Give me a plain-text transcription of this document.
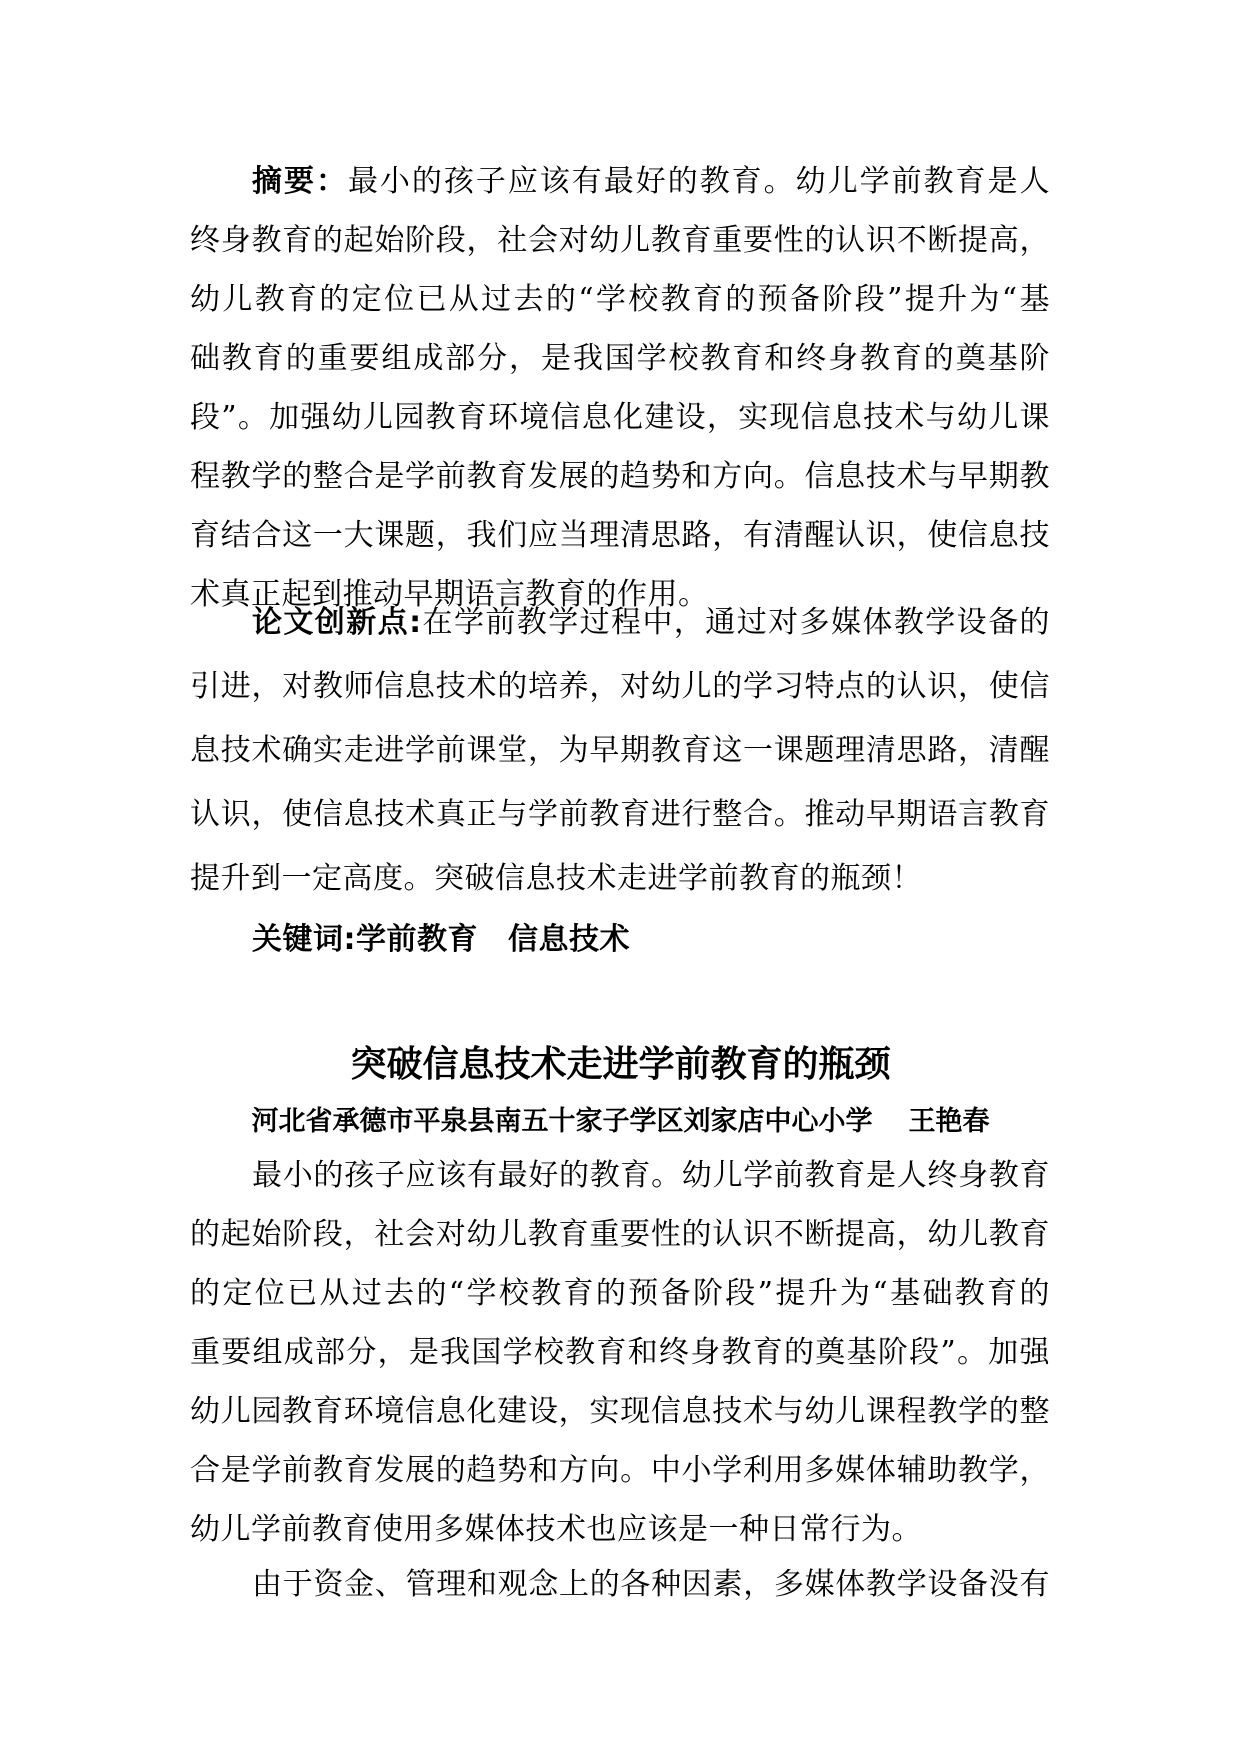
摘要：最小的孩子应该有最好的教育。幼儿学前教育是人
终身教育的起始阶段，社会对幼儿教育重要性的认识不断提高，
幼儿教育的定位已从过去的“学校教育的预备阶段”提升为“基
础教育的重要组成部分，是我国学校教育和终身教育的奠基阶
段”。加强幼儿园教育环境信息化建设，实现信息技术与幼儿课
程教学的整合是学前教育发展的趋势和方向。信息技术与早期教
育结合这一大课题，我们应当理清思路，有清醒认识，使信息技
术真正起到推动早期语言教育的作用。
论文创新点:在学前教学过程中，通过对多媒体教学设备的
引进，对教师信息技术的培养，对幼儿的学习特点的认识，使信
息技术确实走进学前课堂，为早期教育这一课题理清思路，清醒
认识，使信息技术真正与学前教育进行整合。推动早期语言教育
提升到一定高度。突破信息技术走进学前教育的瓶颈！
关键词:学前教育 信息技术
突破信息技术走进学前教育的瓶颈
河北省承德市平泉县南五十家子学区刘家店中心小学 王艳春
最小的孩子应该有最好的教育。幼儿学前教育是人终身教育
的起始阶段，社会对幼儿教育重要性的认识不断提高，幼儿教育
的定位已从过去的“学校教育的预备阶段”提升为“基础教育的
重要组成部分，是我国学校教育和终身教育的奠基阶段”。加强
幼儿园教育环境信息化建设，实现信息技术与幼儿课程教学的整
合是学前教育发展的趋势和方向。中小学利用多媒体辅助教学，
幼儿学前教育使用多媒体技术也应该是一种日常行为。
由于资金、管理和观念上的各种因素，多媒体教学设备没有
